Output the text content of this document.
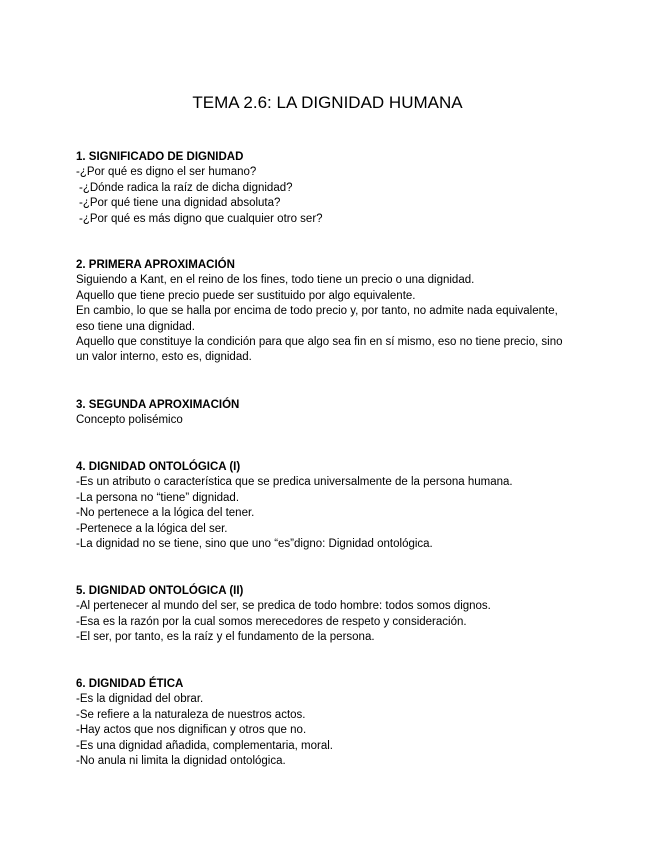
TEMA 2.6: LA DIGNIDAD HUMANA

1. SIGNIFICADO DE DIGNIDAD

-¿Por qué es digno el ser humano?

-¿Dónde radica la raíz de dicha dignidad?

-¿Por qué tiene una dignidad absoluta?

-¿Por qué es más digno que cualquier otro ser?

2. PRIMERA APROXIMACIÓN

Siguiendo a Kant, en el reino de los fines, todo tiene un precio o una dignidad.

Aquello que tiene precio puede ser sustituido por algo equivalente.

En cambio, lo que se halla por encima de todo precio y, por tanto, no admite nada equivalente,

eso tiene una dignidad.

Aquello que constituye la condición para que algo sea fin en sí mismo, eso no tiene precio, sino

un valor interno, esto es, dignidad.

3. SEGUNDA APROXIMACIÓN

Concepto polisémico

4. DIGNIDAD ONTOLÓGICA (I)

-Es un atributo o característica que se predica universalmente de la persona humana.

-La persona no “tiene” dignidad.

-No pertenece a la lógica del tener.

-Pertenece a la lógica del ser.

-La dignidad no se tiene, sino que uno “es”digno: Dignidad ontológica.

5. DIGNIDAD ONTOLÓGICA (II)

-Al pertenecer al mundo del ser, se predica de todo hombre: todos somos dignos.

-Esa es la razón por la cual somos merecedores de respeto y consideración.

-El ser, por tanto, es la raíz y el fundamento de la persona.

6. DIGNIDAD ÉTICA

-Es la dignidad del obrar.

-Se refiere a la naturaleza de nuestros actos.

-Hay actos que nos dignifican y otros que no.

-Es una dignidad añadida, complementaria, moral.

-No anula ni limita la dignidad ontológica.
